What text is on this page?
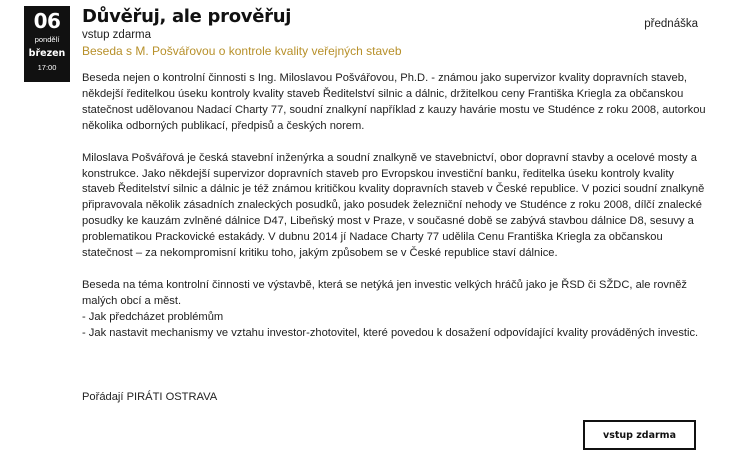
06
pondělí
březen
17:00
Důvěřuj, ale prověřuj
vstup zdarma
Beseda s M. Pošvářovou o kontrole kvality veřejných staveb
přednáška

Beseda nejen o kontrolní činnosti s Ing. Miloslavou Pošvářovou, Ph.D. - známou jako supervizor kvality dopravních staveb, někdejší ředitelkou úseku kontroly kvality staveb Ředitelství silnic a dálnic, držitelkou ceny Františka Kriegla za občanskou statečnost udělovanou Nadací Charty 77, soudní znalkyní například z kauzy havárie mostu ve Studénce z roku 2008, autorkou několika odborných publikací, předpisů a českých norem.

Miloslava Pošvářová je česká stavební inženýrka a soudní znalkyně ve stavebnictví, obor dopravní stavby a ocelové mosty a konstrukce. Jako někdejší supervizor dopravních staveb pro Evropskou investiční banku, ředitelka úseku kontroly kvality staveb Ředitelství silnic a dálnic je též známou kritičkou kvality dopravních staveb v České republice. V pozici soudní znalkyně připravovala několik zásadních znaleckých posudků, jako posudek železniční nehody ve Studénce z roku 2008, dílčí znalecké posudky ke kauzám zvlněné dálnice D47, Libeňský most v Praze, v současné době se zabývá stavbou dálnice D8, sesuvy a problematikou Prackovické estakády. V dubnu 2014 jí Nadace Charty 77 udělila Cenu Františka Kriegla za občanskou statečnost – za nekompromisní kritiku toho, jakým způsobem se v České republice staví dálnice.

Beseda na téma kontrolní činnosti ve výstavbě, která se netýká jen investic velkých hráčů jako je ŘSD či SŽDC, ale rovněž malých obcí a měst.

- Jak předcházet problémům

- Jak nastavit mechanismy ve vztahu investor-zhotovitel, které povedou k dosažení odpovídající kvality prováděných investic.

Pořádají PIRÁTI OSTRAVA
vstup zdarma
